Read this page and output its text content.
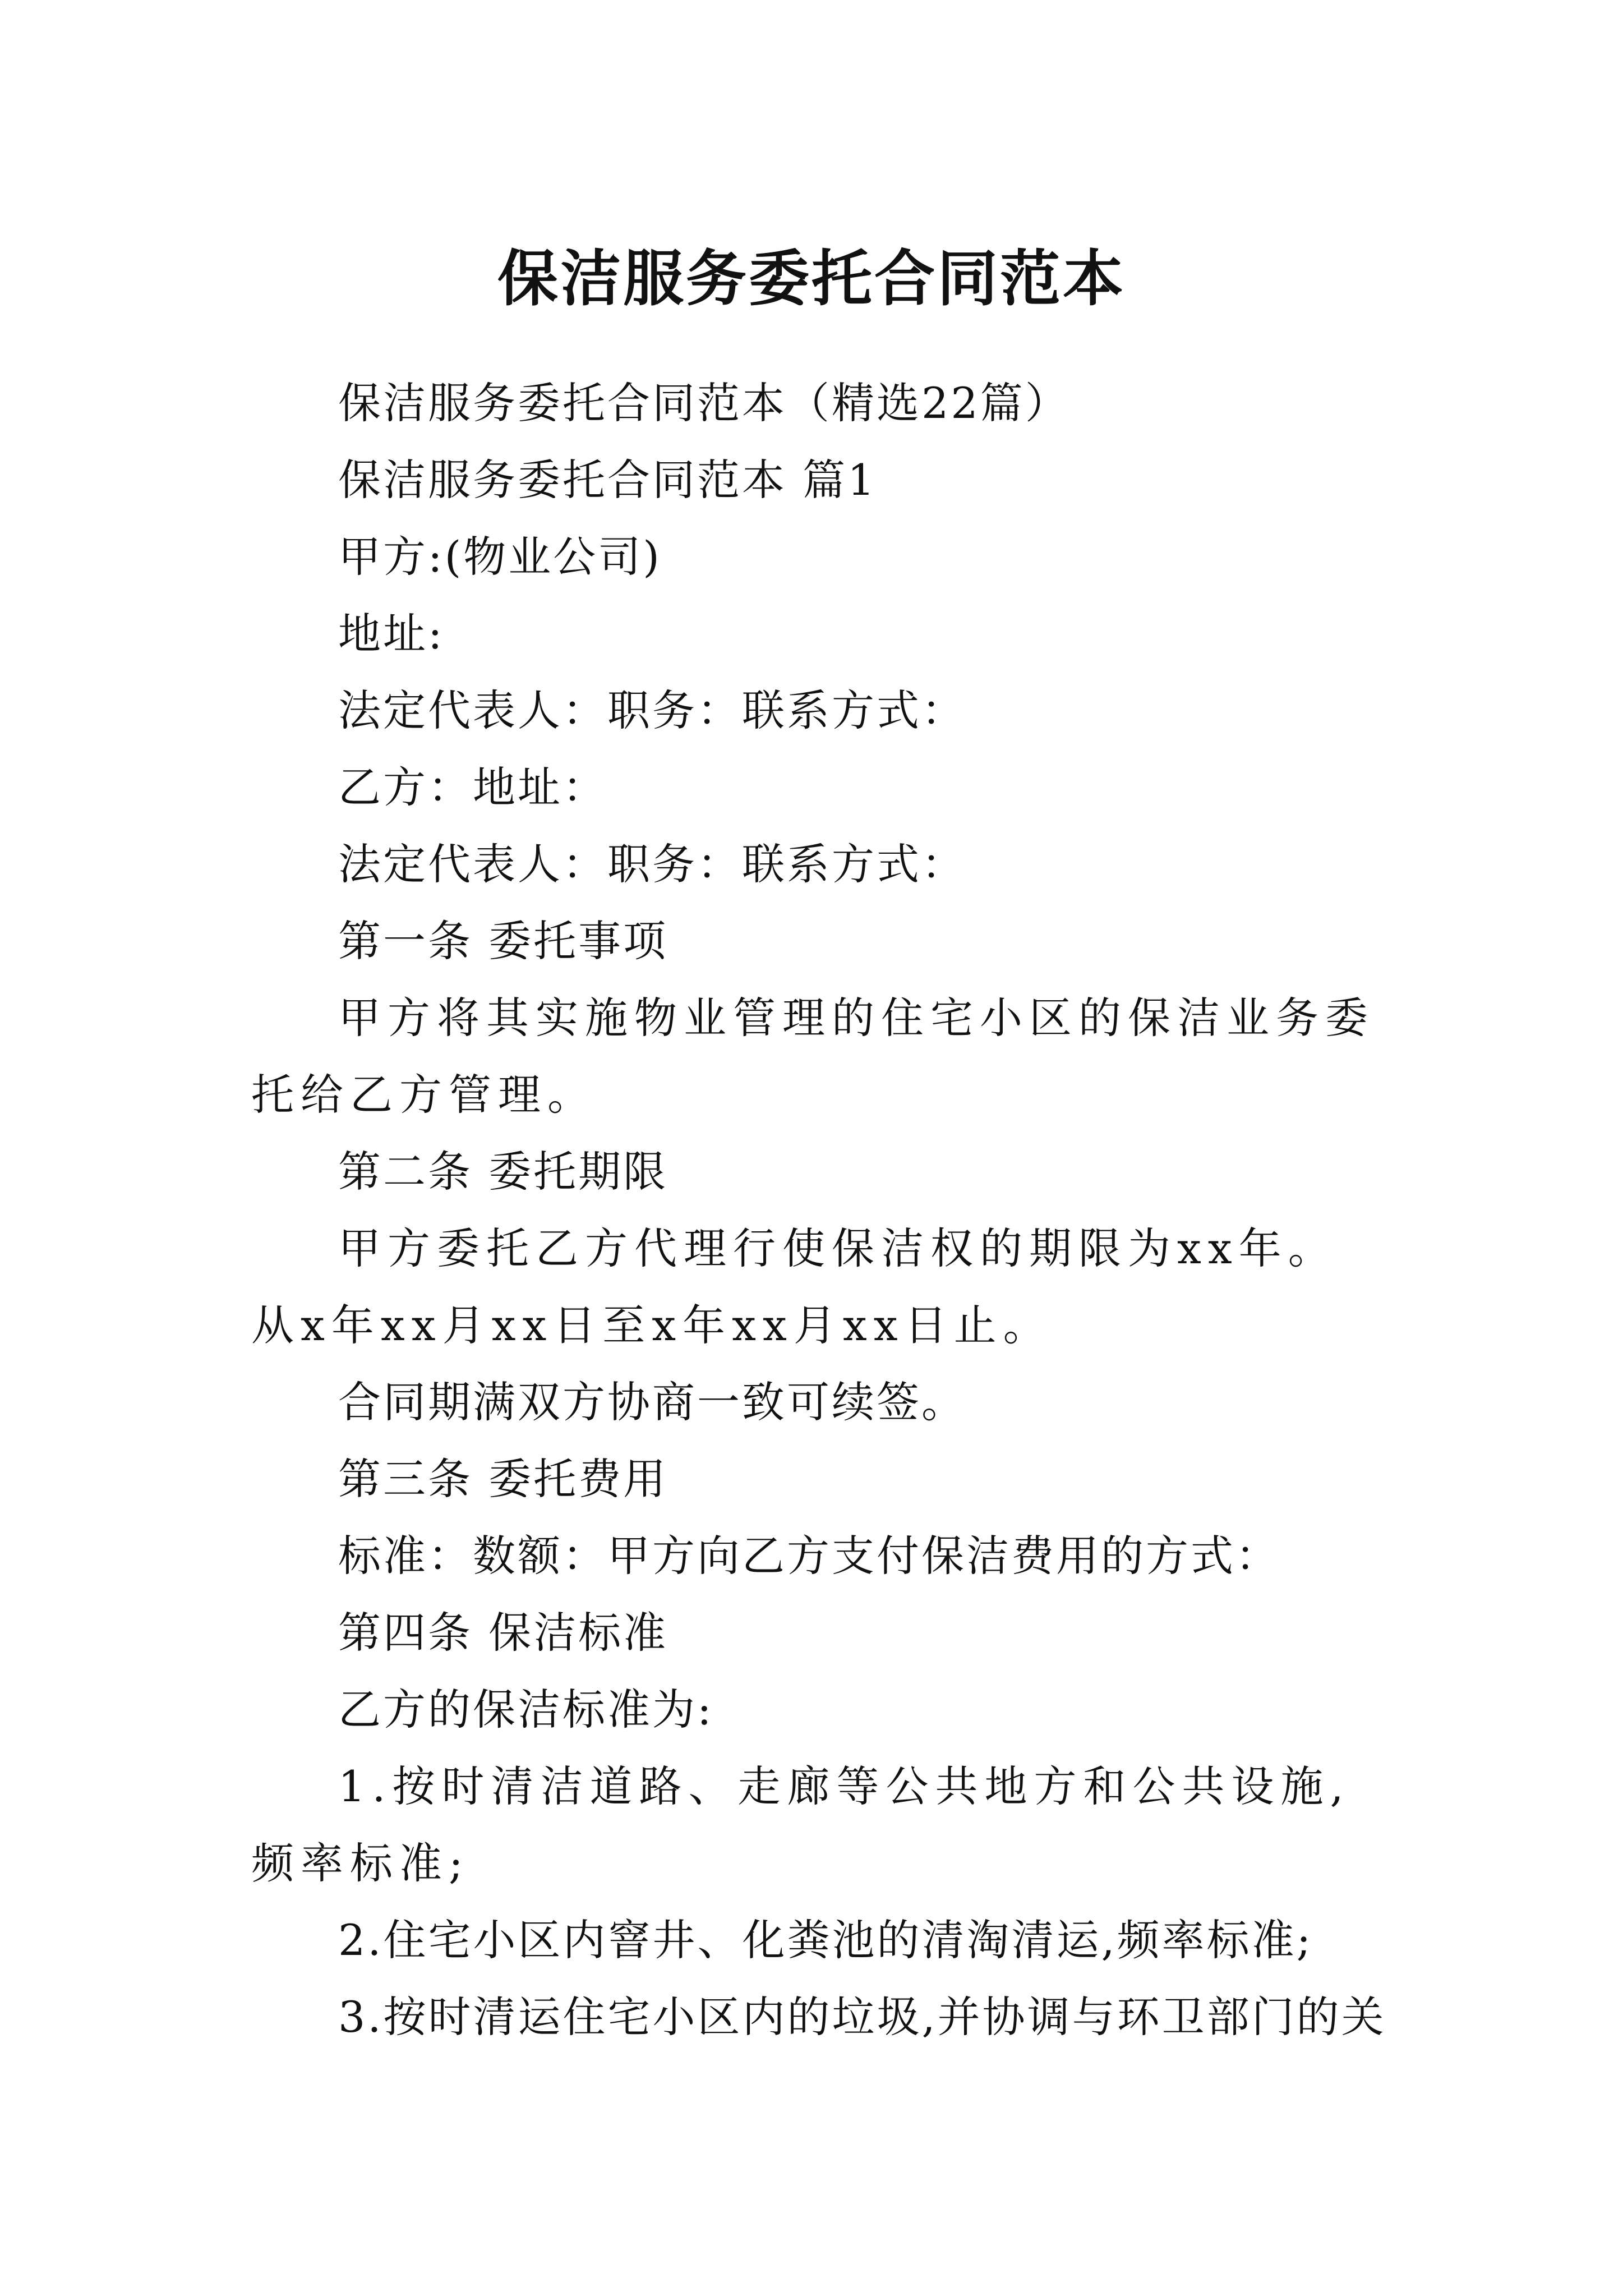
保洁服务委托合同范本

保洁服务委托合同范本（精选22篇）

保洁服务委托合同范本 篇1

甲方:(物业公司)

地址:

法定代表人：职务：联系方式：

乙方：地址：

法定代表人：职务：联系方式：

第一条 委托事项

甲方将其实施物业管理的住宅小区的保洁业务委托给乙方管理。

第二条 委托期限

甲方委托乙方代理行使保洁权的期限为xx年。从x年xx月xx日至x年xx月xx日止。

合同期满双方协商一致可续签。

第三条 委托费用

标准：数额：甲方向乙方支付保洁费用的方式：

第四条 保洁标准

乙方的保洁标准为:

1.按时清洁道路、走廊等公共地方和公共设施,频率标准;

2.住宅小区内窨井、化粪池的清淘清运,频率标准;

3.按时清运住宅小区内的垃圾,并协调与环卫部门的关
